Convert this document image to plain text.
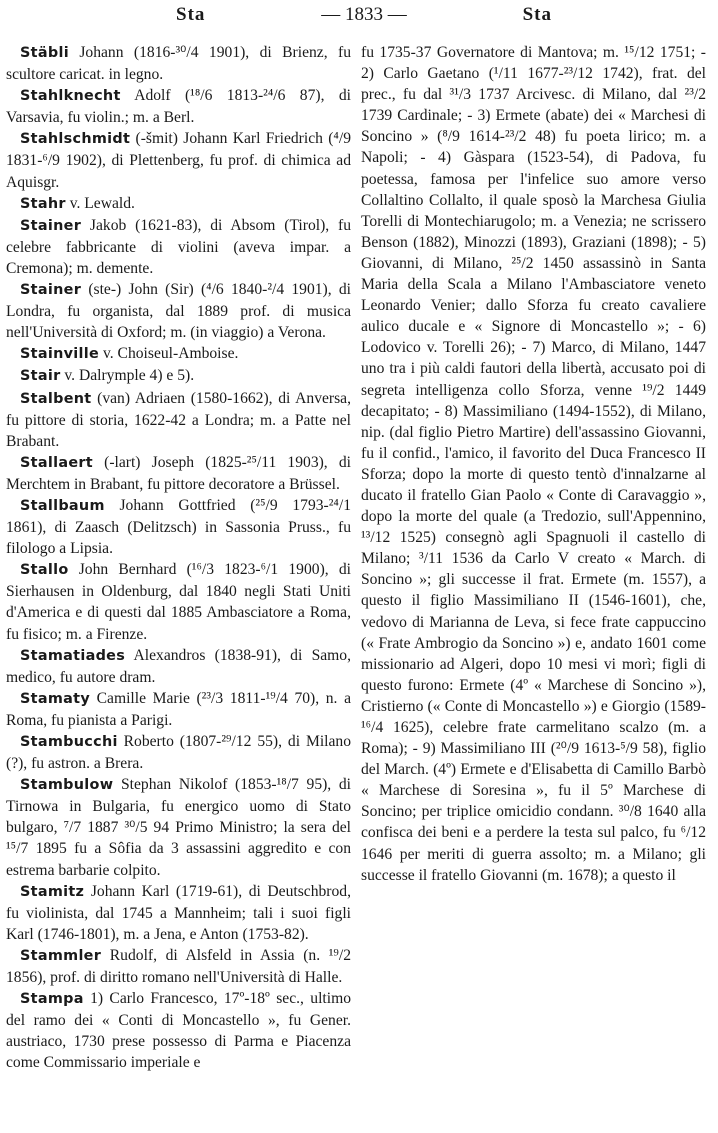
Sta	— 1833 —	Sta

Stäbli Johann (1816-³⁰/4 1901), di Brienz, fu scultore caricat. in legno.

Stahlknecht Adolf (¹⁸/6 1813-²⁴/6 87), di Varsavia, fu violin.; m. a Berl.

Stahlschmidt (-šmit) Johann Karl Friedrich (⁴/9 1831-⁶/9 1902), di Plettenberg, fu prof. di chimica ad Aquisgr.

Stahr v. Lewald.

Stainer Jakob (1621-83), di Absom (Tirol), fu celebre fabbricante di violini (aveva impar. a Cremona); m. demente.

Stainer (ste-) John (Sir) (⁴/6 1840-²/4 1901), di Londra, fu organista, dal 1889 prof. di musica nell'Università di Oxford; m. (in viaggio) a Verona.

Stainville v. Choiseul-Amboise.

Stair v. Dalrymple 4) e 5).

Stalbent (van) Adriaen (1580-1662), di Anversa, fu pittore di storia, 1622-42 a Londra; m. a Patte nel Brabant.

Stallaert (-lart) Joseph (1825-²⁵/11 1903), di Merchtem in Brabant, fu pittore decoratore a Brüssel.

Stallbaum Johann Gottfried (²⁵/9 1793-²⁴/1 1861), di Zaasch (Delitzsch) in Sassonia Pruss., fu filologo a Lipsia.

Stallo John Bernhard (¹⁶/3 1823-⁶/1 1900), di Sierhausen in Oldenburg, dal 1840 negli Stati Uniti d'America e di questi dal 1885 Ambasciatore a Roma, fu fisico; m. a Firenze.

Stamatiades Alexandros (1838-91), di Samo, medico, fu autore dram.

Stamaty Camille Marie (²³/3 1811-¹⁹/4 70), n. a Roma, fu pianista a Parigi.

Stambucchi Roberto (1807-²⁹/12 55), di Milano (?), fu astron. a Brera.

Stambulow Stephan Nikolof (1853-¹⁸/7 95), di Tirnowa in Bulgaria, fu energico uomo di Stato bulgaro, ⁷/7 1887 ³⁰/5 94 Primo Ministro; la sera del ¹⁵/7 1895 fu a Sôfia da 3 assassini aggredito e con estrema barbarie colpito.

Stamitz Johann Karl (1719-61), di Deutschbrod, fu violinista, dal 1745 a Mannheim; tali i suoi figli Karl (1746-1801), m. a Jena, e Anton (1753-82).

Stammler Rudolf, di Alsfeld in Assia (n. ¹⁹/2 1856), prof. di diritto romano nell'Università di Halle.

Stampa 1) Carlo Francesco, 17º-18º sec., ultimo del ramo dei « Conti di Moncastello », fu Gener. austriaco, 1730 prese possesso di Parma e Piacenza come Commissario imperiale e

fu 1735-37 Governatore di Mantova; m. ¹⁵/12 1751; - 2) Carlo Gaetano (¹/11 1677-²³/12 1742), frat. del prec., fu dal ³¹/3 1737 Arcivesc. di Milano, dal ²³/2 1739 Cardinale; - 3) Ermete (abate) dei « Marchesi di Soncino » (⁸/9 1614-²³/2 48) fu poeta lirico; m. a Napoli; - 4) Gàspara (1523-54), di Padova, fu poetessa, famosa per l'infelice suo amore verso Collaltino Collalto, il quale sposò la Marchesa Giulia Torelli di Montechiarugolo; m. a Venezia; ne scrissero Benson (1882), Minozzi (1893), Graziani (1898); - 5) Giovanni, di Milano, ²⁵/2 1450 assassinò in Santa Maria della Scala a Milano l'Ambasciatore veneto Leonardo Venier; dallo Sforza fu creato cavaliere aulico ducale e « Signore di Moncastello »; - 6) Lodovico v. Torelli 26); - 7) Marco, di Milano, 1447 uno tra i più caldi fautori della libertà, accusato poi di segreta intelligenza collo Sforza, venne ¹⁹/2 1449 decapitato; - 8) Massimiliano (1494-1552), di Milano, nip. (dal figlio Pietro Martire) dell'assassino Giovanni, fu il confid., l'amico, il favorito del Duca Francesco II Sforza; dopo la morte di questo tentò d'innalzarne al ducato il fratello Gian Paolo « Conte di Caravaggio », dopo la morte del quale (a Tredozio, sull'Appennino, ¹³/12 1525) consegnò agli Spagnuoli il castello di Milano; ³/11 1536 da Carlo V creato « March. di Soncino »; gli successe il frat. Ermete (m. 1557), a questo il figlio Massimiliano II (1546-1601), che, vedovo di Marianna de Leva, si fece frate cappuccino (« Frate Ambrogio da Soncino ») e, andato 1601 come missionario ad Algeri, dopo 10 mesi vi morì; figli di questo furono: Ermete (4º « Marchese di Soncino »), Cristierno (« Conte di Moncastello ») e Giorgio (1589-¹⁶/4 1625), celebre frate carmelitano scalzo (m. a Roma); - 9) Massimiliano III (²⁰/9 1613-⁵/9 58), figlio del March. (4º) Ermete e d'Elisabetta di Camillo Barbò « Marchese di Soresina », fu il 5º Marchese di Soncino; per triplice omicidio condann. ³⁰/8 1640 alla confisca dei beni e a perdere la testa sul palco, fu ⁶/12 1646 per meriti di guerra assolto; m. a Milano; gli successe il fratello Giovanni (m. 1678); a questo il
